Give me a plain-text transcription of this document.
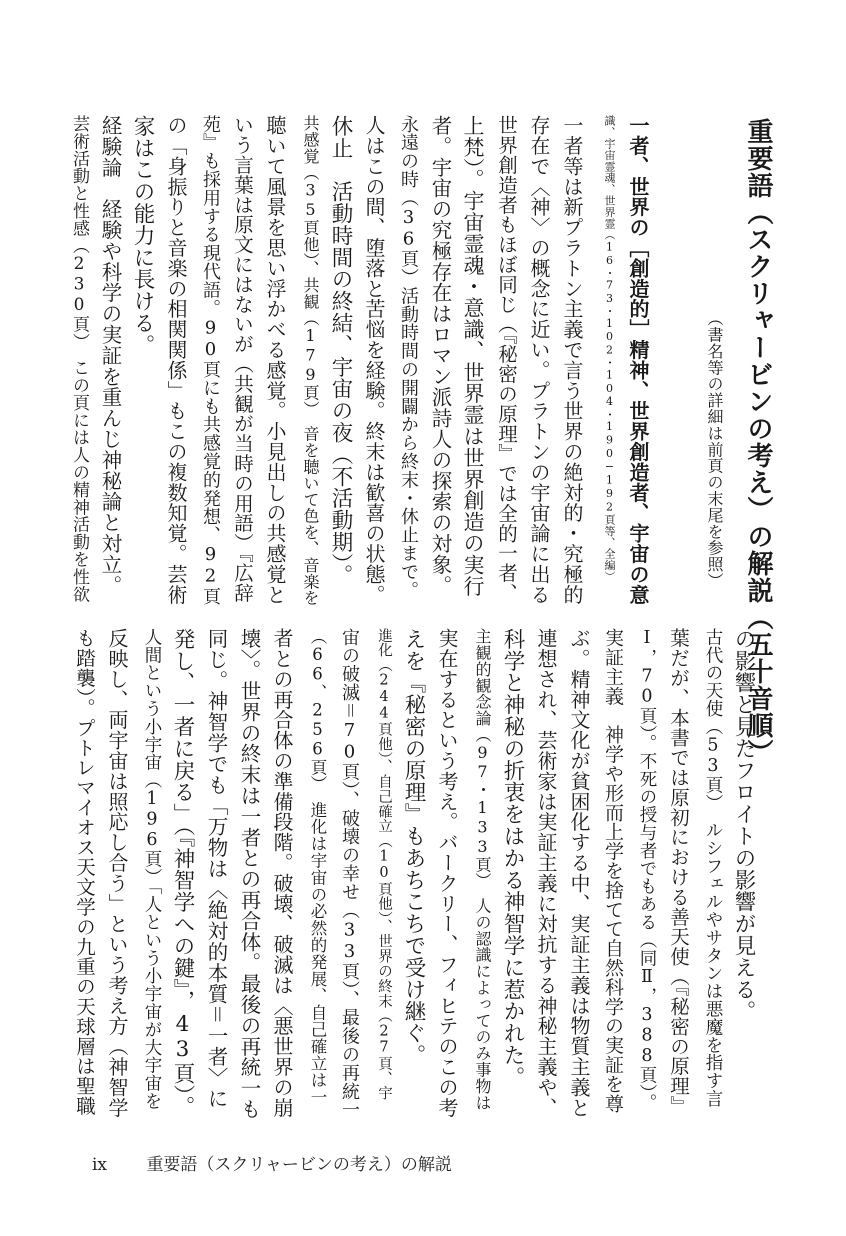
重要語（スクリャービンの考え）の解説（五十音順）
（書名等の詳細は前頁の末尾を参照）
一者、世界の［創造的］精神、世界創造者、宇宙の意
識、宇宙霊魂、世界霊（16・73・102・104・190−192頁等、全編）
一者等は新プラトン主義で言う世界の絶対的・究極的
存在で〈神〉の概念に近い。プラトンの宇宙論に出る
世界創造者もほぼ同じ（『秘密の原理』では全的一者、
上梵）。宇宙霊魂・意識、世界霊は世界創造の実行
者。宇宙の究極存在はロマン派詩人の探索の対象。
永遠の時（36頁）活動時間の開闢から終末・休止まで。
人はこの間、堕落と苦悩を経験。終末は歓喜の状態。
休止　活動時間の終結、宇宙の夜（不活動期）。
共感覚（35頁他）、共観（179頁）　音を聴いて色を、音楽を
聴いて風景を思い浮かべる感覚。小見出しの共感覚と
いう言葉は原文にはないが（共観が当時の用語）『広辞
苑』も採用する現代語。90頁にも共感覚的発想、92頁
の「身振りと音楽の相関関係」もこの複数知覚。芸術
家はこの能力に長ける。
経験論　経験や科学の実証を重んじ神秘論と対立。
芸術活動と性感（230頁）　この頁には人の精神活動を性欲
の影響と見たフロイトの影響が見える。
古代の天使（53頁）　ルシフェルやサタンは悪魔を指す言
葉だが、本書では原初における善天使（『秘密の原理』
Ⅰ，70頁）。不死の授与者でもある（同Ⅱ，388頁）。
実証主義　神学や形而上学を捨てて自然科学の実証を尊
ぶ。精神文化が貧困化する中、実証主義は物質主義と
連想され、芸術家は実証主義に対抗する神秘主義や、
科学と神秘の折衷をはかる神智学に惹かれた。
主観的観念論（97・133頁）　人の認識によってのみ事物は
実在するという考え。バークリー、フィヒテのこの考
えを『秘密の原理』もあちこちで受け継ぐ。
進化（244頁他）、自己確立（10頁他）、世界の終末（27頁、宇
宙の破滅＝70頁）、破壊の幸せ（33頁）、最後の再統一
（66、256頁）　進化は宇宙の必然的発展、自己確立は一
者との再合体の準備段階。破壊、破滅は〈悪世界の崩
壊〉。世界の終末は一者との再合体。最後の再統一も
同じ。神智学でも「万物は〈絶対的本質＝一者〉に
発し、一者に戻る」（『神智学への鍵』，43頁）。
人間という小宇宙（196頁）「人という小宇宙が大宇宙を
反映し、両宇宙は照応し合う」という考え方（神智学
も踏襲）。プトレマイオス天文学の九重の天球層は聖職
ix 重要語（スクリャービンの考え）の解説
